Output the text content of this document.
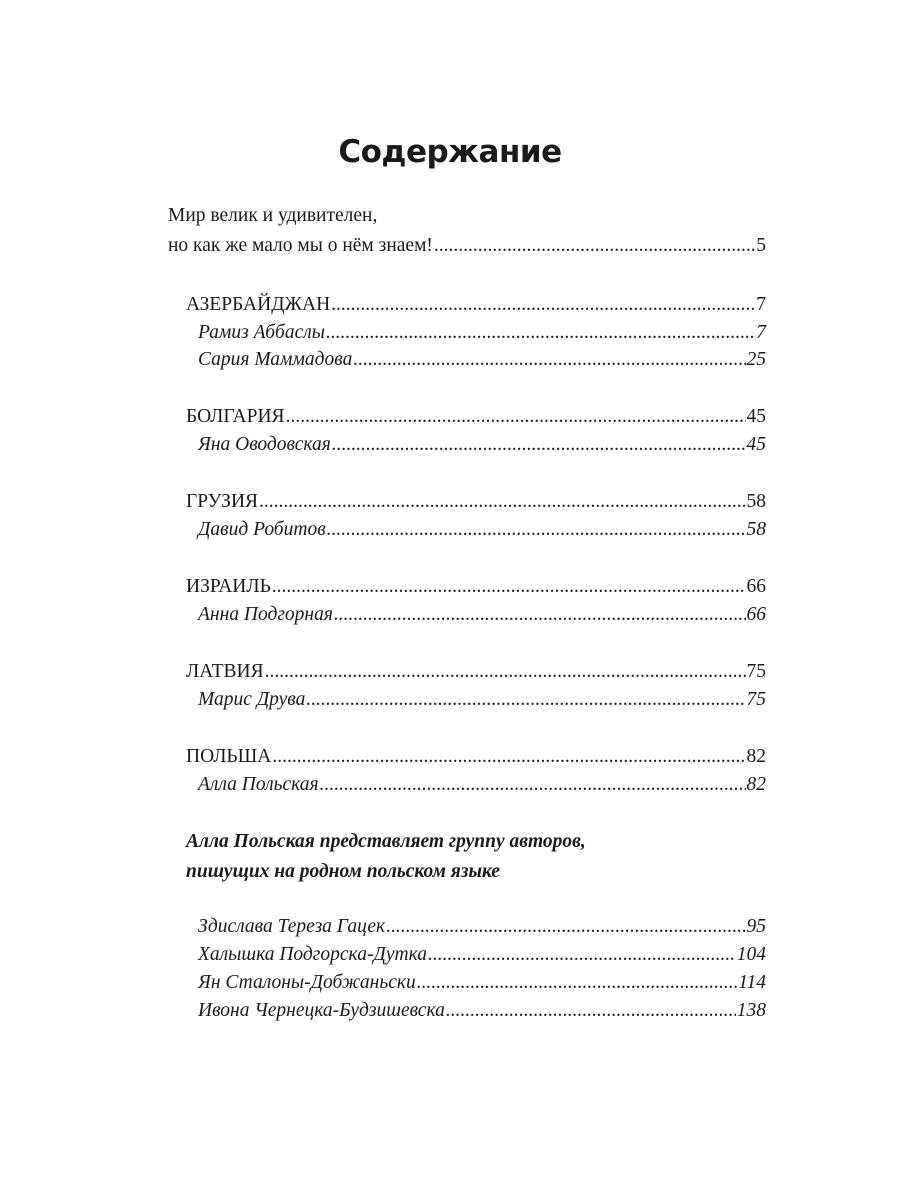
Содержание
Мир велик и удивителен,
но как же мало мы о нём знаем! .....	5
АЗЕРБАЙДЖАН .....	7
Рамиз Аббаслы .....	7
Сария Маммадова .....	25
БОЛГАРИЯ .....	45
Яна Оводовская .....	45
ГРУЗИЯ .....	58
Давид Робитов .....	58
ИЗРАИЛЬ .....	66
Анна Подгорная .....	66
ЛАТВИЯ .....	75
Марис Друва .....	75
ПОЛЬША .....	82
Алла Польская .....	82
Алла Польская представляет группу авторов,
пишущих на родном польском языке
Здислава Тереза Гацек .....	95
Халышка Подгорска-Дутка .....	104
Ян Сталоны-Добжаньски .....	114
Ивона Чернецка-Будзишевска .....	138
